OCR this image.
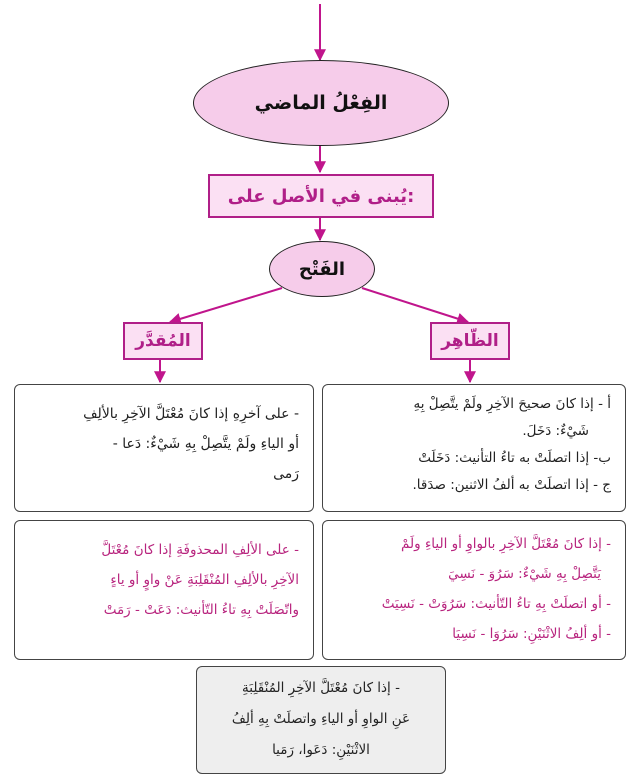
الفِعْلُ الماضي
يُبنى في الأصل على:
الفَتْح
المُقدَّر	الظّاهِر

- على آخرِهِ إذا كانَ مُعْتَلَّ الآخِرِ بالألِفِ

أو الياءِ ولَمْ يتَّصِلْ بِهِ شَيْءٌ: دَعا -

رَمى

أ - إذا كانَ صحيحَ الآخِرِ ولَمْ يتَّصِلْ بِهِ

شَيْءٌ: دَخَلَ.

ب- إذا اتصلَتْ به تاءُ التأنيث: دَخَلَتْ

ج - إذا اتصلَتْ به ألفُ الاثنين: صدَقا.

- على الألِفِ المحذوفَةِ إذا كانَ مُعْتَلَّ

الآخِرِ بالألِفِ المُنْقَلِبَةِ عَنْ واوٍ أو ياءٍ

واتّصَلَتْ بِهِ تاءُ التّأنيث: دَعَتْ - رَمَتْ

- إذا كانَ مُعْتَلَّ الآخِرِ بالواوِ أو الياءِ ولَمْ

يَتَّصِلْ بِهِ شَيْءٌ: سَرُوَ - نَسِيَ

- أو اتصلَتْ بِهِ تاءُ التّأنيث: سَرُوَتْ - نَسِيَتْ

- أو ألِفُ الاثْنَيْنِ: سَرُوَا - نَسِيَا

- إذا كانَ مُعْتَلَّ الآخِرِ المُنْقَلِبَةِ

عَنِ الواوِ أو الياءِ واتصلَتْ بِهِ ألِفُ

الاثْنَيْنِ: دَعَوا، رَمَيا
